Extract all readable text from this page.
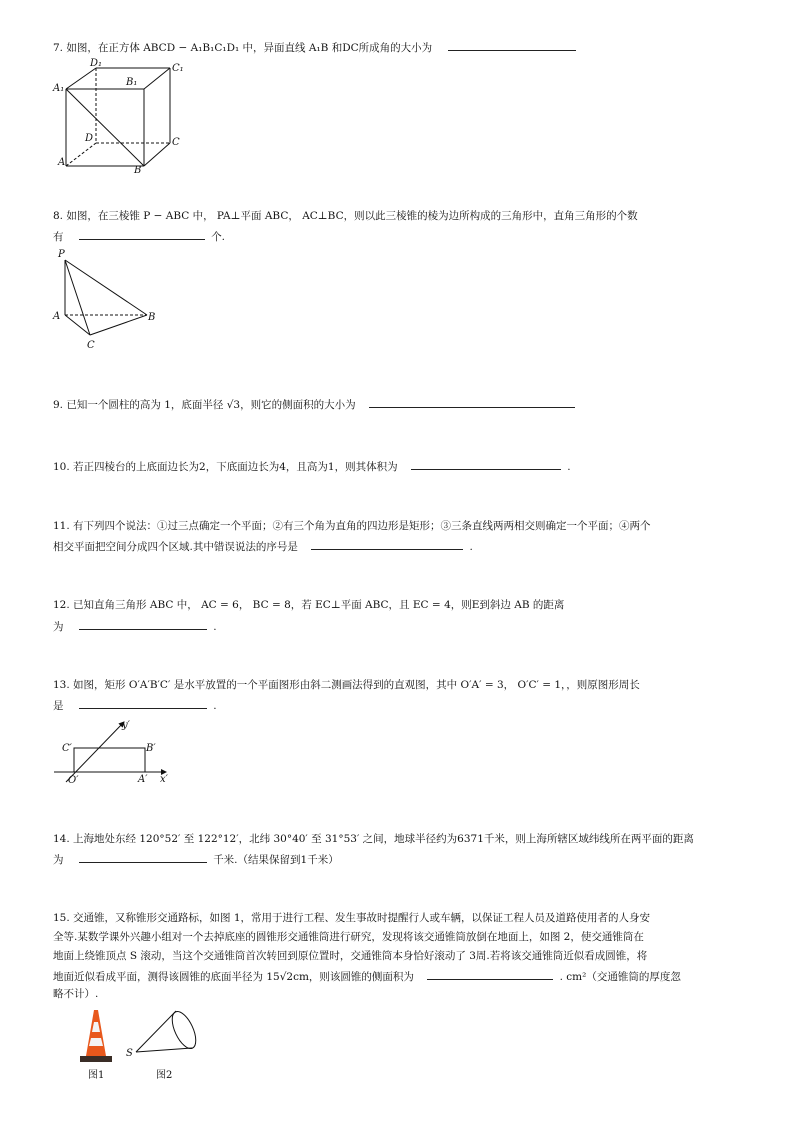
7. 如图，在正方体 ABCD − A₁B₁C₁D₁ 中，异面直线 A₁B 和DC所成角的大小为
D₁	C₁
B₁
A₁
D	C
A
B
8. 如图，在三棱锥 P − ABC 中， PA⊥平面 ABC， AC⊥BC，则以此三棱锥的棱为边所构成的三角形中，直角三角形的个数
有	个.
P
A	B
C
9. 已知一个圆柱的高为 1，底面半径 √3，则它的侧面积的大小为
10. 若正四棱台的上底面边长为2，下底面边长为4，且高为1，则其体积为	.
11. 有下列四个说法：①过三点确定一个平面；②有三个角为直角的四边形是矩形；③三条直线两两相交则确定一个平面；④两个
相交平面把空间分成四个区域.其中错误说法的序号是	.
12. 已知直角三角形 ABC 中， AC = 6， BC = 8，若 EC⊥平面 ABC，且 EC = 4，则E到斜边 AB 的距离
为	.
13. 如图，矩形 O′A′B′C′ 是水平放置的一个平面图形由斜二测画法得到的直观图，其中 O′A′ = 3， O′C′ = 1，，则原图形周长
是	.
C′	B′
O′	A′ x′
y′
14. 上海地处东经 120°52′ 至 122°12′，北纬 30°40′ 至 31°53′ 之间，地球半径约为6371千米，则上海所辖区域纬线所在两平面的距离
为	千米.（结果保留到1千米）
15. 交通锥，又称锥形交通路标，如图 1，常用于进行工程、发生事故时提醒行人或车辆，以保证工程人员及道路使用者的人身安
全等.某数学课外兴趣小组对一个去掉底座的圆锥形交通锥筒进行研究，发现将该交通锥筒放倒在地面上，如图 2，使交通锥筒在
地面上绕锥顶点 S 滚动，当这个交通锥筒首次转回到原位置时，交通锥筒本身恰好滚动了 3周.若将该交通锥筒近似看成圆锥，将
地面近似看成平面，测得该圆锥的底面半径为 15√2cm，则该圆锥的侧面积为	. cm²（交通锥筒的厚度忽
略不计）.
图1
S
图2
